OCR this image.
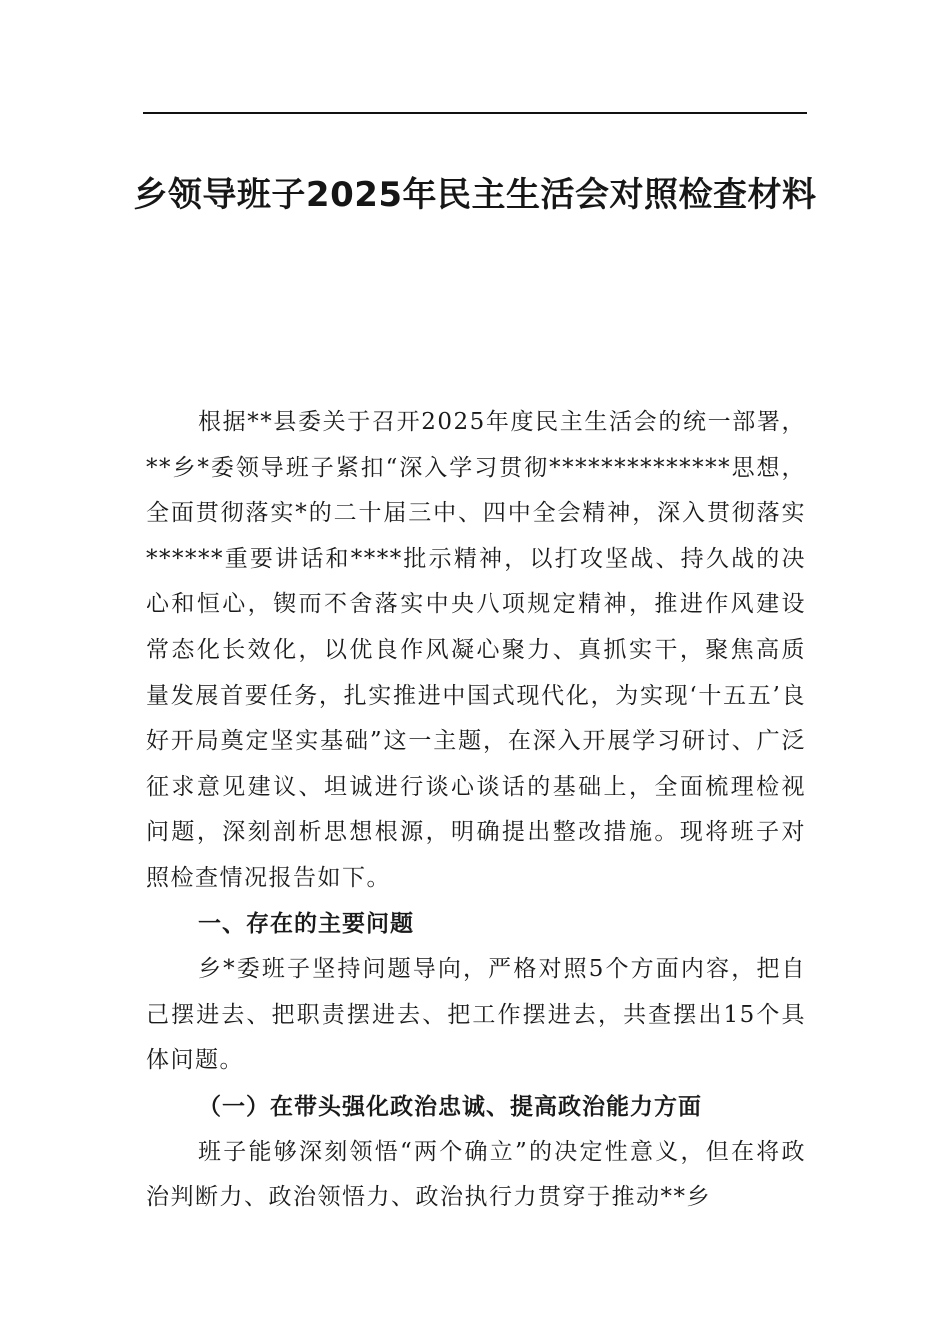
乡领导班子2025年民主生活会对照检查材料

根据**县委关于召开2025年度民主生活会的统一部署，**乡*委领导班子紧扣“深入学习贯彻**************思想，全面贯彻落实*的二十届三中、四中全会精神，深入贯彻落实******重要讲话和****批示精神，以打攻坚战、持久战的决心和恒心，锲而不舍落实中央八项规定精神，推进作风建设常态化长效化，以优良作风凝心聚力、真抓实干，聚焦高质量发展首要任务，扎实推进中国式现代化，为实现‘十五五’良好开局奠定坚实基础”这一主题，在深入开展学习研讨、广泛征求意见建议、坦诚进行谈心谈话的基础上，全面梳理检视问题，深刻剖析思想根源，明确提出整改措施。现将班子对照检查情况报告如下。

一、存在的主要问题

乡*委班子坚持问题导向，严格对照5个方面内容，把自己摆进去、把职责摆进去、把工作摆进去，共查摆出15个具体问题。

（一）在带头强化政治忠诚、提高政治能力方面

班子能够深刻领悟“两个确立”的决定性意义，但在将政治判断力、政治领悟力、政治执行力贯穿于推动**乡
